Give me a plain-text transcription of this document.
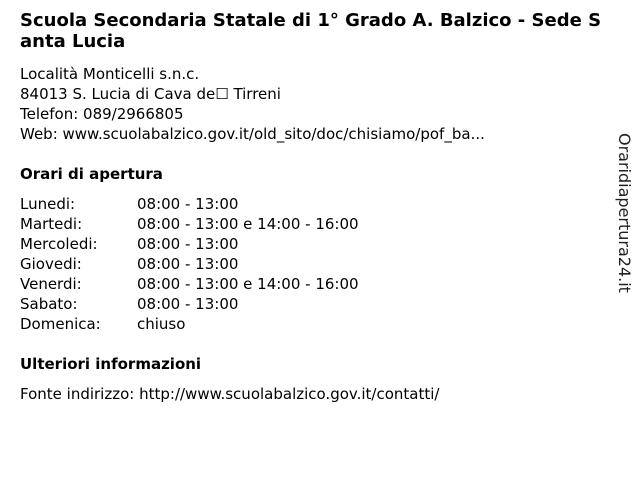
Scuola Secondaria Statale di 1° Grado A. Balzico - Sede Santa Lucia
Località Monticelli s.n.c.
84013 S. Lucia di Cava de☐ Tirreni
Telefon: 089/2966805
Web: www.scuolabalzico.gov.it/old_sito/doc/chisiamo/pof_ba...
Orari di apertura
Lunedi:	08:00 - 13:00
Martedi:	08:00 - 13:00 e 14:00 - 16:00
Mercoledi:	08:00 - 13:00
Giovedi:	08:00 - 13:00
Venerdi:	08:00 - 13:00 e 14:00 - 16:00
Sabato:	08:00 - 13:00
Domenica:	chiuso
Ulteriori informazioni
Fonte indirizzo: http://www.scuolabalzico.gov.it/contatti/
Oraridiapertura24.it
